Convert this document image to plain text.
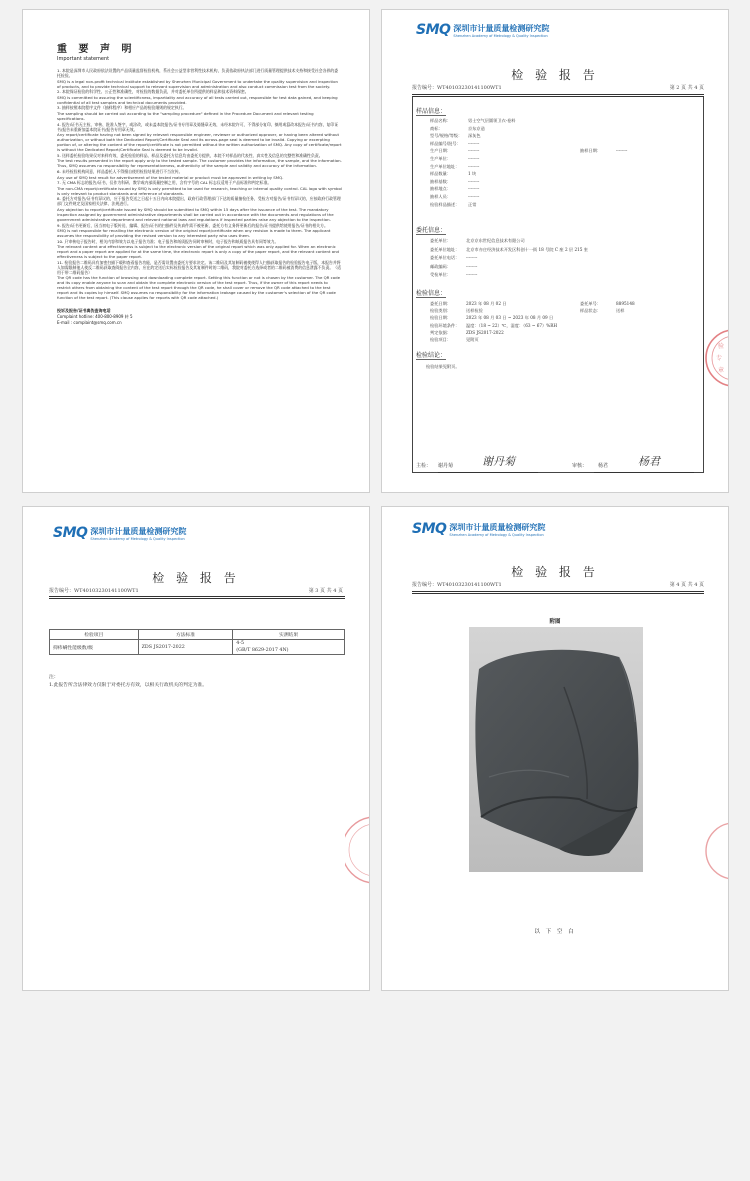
重 要 声 明
Important statement

1. 本院是深圳市人民政府依法设置的产品质量监督检验机构，系社会公益型非营利性技术机构，负责依政府执法部门进行质量管理提供技术支持和接受社会各界的委托检验。

SMQ is a legal non-profit technical institute established by Shenzhen Municipal Government to undertake the quality supervision and inspection of products, and to provide technical support to relevant supervision and administration and also conduct commission test from the society.

2. 本院保证检验的科学性、公正性和准确性，对检验的数据负责，并对委托单位所提供的样品和技术资料保密。

SMQ is committed to assuring the scientificness, impartiality and accuracy of all tests carried out, responsible for test data gained, and keeping confidential of all test samples and technical documents provided.

3. 抽样按照本院程序文件（抽样程序）和相应产品的检验细则的规定执行。

The sampling should be carried out according to the "sampling procedure" defined in the Procedure Document and relevant testing specifications.

4. 报告/证书无主检、审核、批准人签字，或涂改，或未盖本院报告/证书专用章及骑缝章无效，未经本院许可，不得部分复印、摘用或篡改本报告/证书内容，复印证书/报告未重新加盖本院证书/报告专用章无效。

Any report/certificate having not been signed by relevant responsible engineer, reviewer or authorized approver, or having been altered without authorization, or without both the Dedicated Report/Certificate Seal and its across-page seal is deemed to be invalid. Copying or excerpting portion of, or altering the content of the report/certificate is not permitted without the written authorization of SMQ. Any copy of certificate/report is without the Dedicated Report/Certificate Seal is deemed to be invalid.

5. 送样委托检验结果仅对来样有效，委托检验的样品、样品及委托方信息均由委托方提供，本院不对样品的代表性、真实性及信息的完整性和准确性负责。

The test results presented in the report apply only to the tested sample. The customer provides the information, the sample, and the information. Thus, SMQ assumes no responsibility for representativeness, authenticity of the sample and validity and accuracy of the information.

6. 未经检验机构同意，样品委托人不得擅自使用检验结果进行不当宣传。

Any use of SMQ test result for advertisement of the tested material or product must be approved in writing by SMQ.

7. 无 CMA 标志的报告/证书，仅作为科研、教学或内部质量控制之用，含有字号的 CAL 标志仅适用于产品标准和判定标准。

The non-CMA report/certificate issued by SMQ is only permitted to be used for research, teaching or internal quality control. CAL logo with symbol is only relevant to product standards and reference of standards.

8. 委托方对报告/证书有异议的，应于报告发送之日起十五日内向本院提出，政府行政管理部门下达的质量抽检任务，受检方对报告/证书有异议的，应按政府行政管理部门文件规定及国家相关法律、法规进行。

Any objection to report/certificate issued by SMQ should be submitted to SMQ within 15 days after the issuance of the test. The mandatory inspection assigned by government administrative departments shall be carried out in accordance with the documents and regulations of the government administrative department and relevant national laws and regulations if inspected parties raise any objection to the inspection.

9. 报告/证书更新后，因当初电子版传送、编辑、报告/证书的扫描件及传真件需不被更新，委托方有义务将更新后的报告/证书提供给使用报告/证书的相关方。

SMQ is not responsible for recalling the electronic version of the original report/certificate when any revision is made to them. The applicant assumes the responsibility of providing the revised version to any interested party who uses them.

10. 只审核电子报告时，相关内容和效力以电子报告为准；电子报告和纸质报告同时审核时，电子报告和纸质报告具有同等效力。

The relevant content and effectiveness is subject to the electronic version of the original report which was only applied for. When an electronic report and a paper report are applied for at the same time, the electronic report is only a copy of the paper report, and the relevant content and effectiveness is subject to the paper report.

11. 检验报告二维码具有加密扫描下载和查看报告功能，是否需设置由委托方要求决定。该二维码及其复制码被使使得人扫描获取报告的检验报告电子版，本报告并将人如需限制他人使反二维码获取查阅报告全内容，应在约定送后实标检验报告及其复制件时的二维码，我院对委托方选择或者的二维码被消费的信息泄露不负责。（适用于带二维码报告）

The QR code has the function of browsing and downloading complete report. Setting this function or not is chosen by the customer. The QR code and its copy enable anyone to scan and obtain the complete electronic version of the test report. Thus, if the owner of this report needs to restrict others from obtaining the content of the test report through the QR code, he shall cover or remove the QR code attached to the test report and its copies by himself. SMQ assumes no responsibility for the information leakage caused by the customer's selection of the QR code function of the test report. (This clause applies for reports with QR code attached.)

投诉及报告/证书真伪查询电话

Complaint hotline: 400-800-8909 转 5

E-mail : complaint@smq.com.cn

SMQ 深圳市计量质量检测研究院
Shenzhen Academy of Metrology & Quality Inspection
检 验 报 告
报告编号：WT40103230141100WT1	第 2 页 共 4 页
样品信息：
样品名称：	男士空气层圆领卫衣-卷料
商标：	京东京造
型号/规格/等级： 深灰色
样品编号/批号： --------
生产日期：	--------	抽样日期：	--------
生产单位：	--------
生产单位地址： --------
样品数量：	1 块
抽样基数：	--------
抽样地点：	--------
抽样人员：	--------
检验样品描述： 正常
委托信息：
委托单位：	北京京东世纪信息技术有限公司
委托单位地址： 北京市亦庄经济技术开发区科创十一街 18 号院 C 座 2 层 215 室
委托单位电话： --------
邮政编码：	--------
受检单位：	--------
检验信息：
委托日期：	2023 年 08 月 02 日	委托单号：	8895148
检验类别：	送样检验	样品状态：	送样
检验日期：	2023 年 08 月 03 日 ~ 2023 年 08 月 09 日
检验环境条件： 温度：（18 ~ 22）℃，湿度：（63 ~ 67）%RH
判定依据：	ZDS JS2017-2022
检验项目：	见附页
检验结论：
检验结果见附页。
主检： 谢丹菊	谢丹菊	审核： 杨君	杨君
验
专
章
SMQ 深圳市计量质量检测研究院
Shenzhen Academy of Metrology & Quality Inspection
检 验 报 告
报告编号：WT40103230141100WT1	第 3 页 共 4 页
检验项目	方法标准	实测结果
抑疹螨性能级数/级	ZDS JS2017-2022	4-5
		(GB/T 8629-2017 4N)
注：
1.此报告所含法律效力仅限于对委托方有效，以相关行政机关的判定为准。
SMQ 深圳市计量质量检测研究院
Shenzhen Academy of Metrology & Quality Inspection
检 验 报 告
报告编号：WT40103230141100WT1	第 4 页 共 4 页
附图
以 下 空 白
